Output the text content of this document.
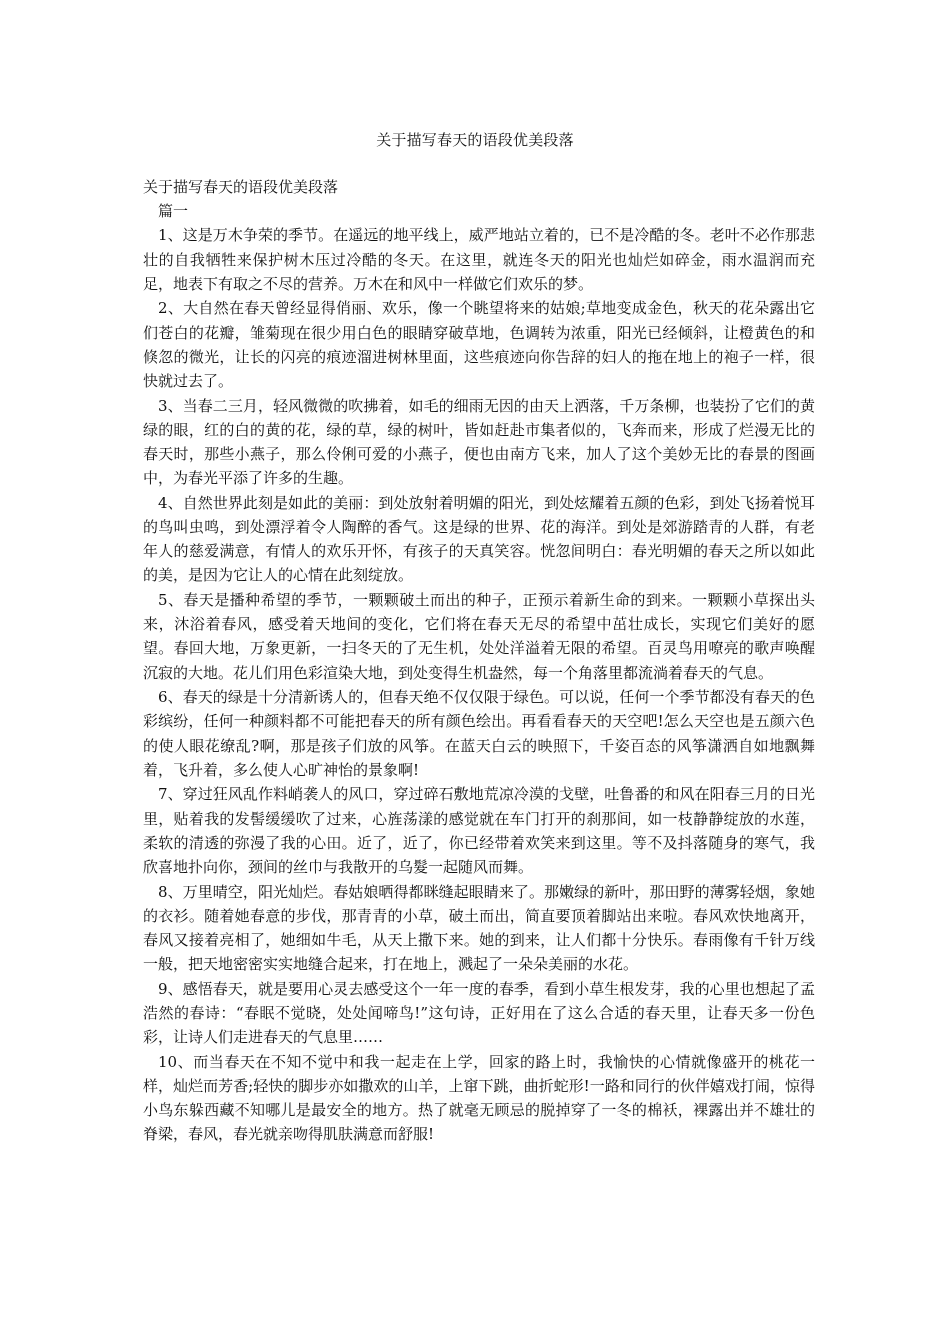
关于描写春天的语段优美段落

关于描写春天的语段优美段落

篇一

1、这是万木争荣的季节。在遥远的地平线上，威严地站立着的，已不是冷酷的冬。老叶不必作那悲壮的自我牺牲来保护树木压过冷酷的冬天。在这里，就连冬天的阳光也灿烂如碎金，雨水温润而充足，地表下有取之不尽的营养。万木在和风中一样做它们欢乐的梦。

2、大自然在春天曾经显得俏丽、欢乐，像一个眺望将来的姑娘;草地变成金色，秋天的花朵露出它们苍白的花瓣，雏菊现在很少用白色的眼睛穿破草地，色调转为浓重，阳光已经倾斜，让橙黄色的和倏忽的微光，让长的闪亮的痕迹溜进树林里面，这些痕迹向你告辞的妇人的拖在地上的袍子一样，很快就过去了。

3、当春二三月，轻风微微的吹拂着，如毛的细雨无因的由天上洒落，千万条柳，也装扮了它们的黄绿的眼，红的白的黄的花，绿的草，绿的树叶，皆如赶赴市集者似的，飞奔而来，形成了烂漫无比的春天时，那些小燕子，那么伶俐可爱的小燕子，便也由南方飞来，加人了这个美妙无比的春景的图画中，为春光平添了许多的生趣。

4、自然世界此刻是如此的美丽：到处放射着明媚的阳光，到处炫耀着五颜的色彩，到处飞扬着悦耳的鸟叫虫鸣，到处漂浮着令人陶醉的香气。这是绿的世界、花的海洋。到处是郊游踏青的人群，有老年人的慈爱满意，有情人的欢乐开怀，有孩子的天真笑容。恍忽间明白：春光明媚的春天之所以如此的美，是因为它让人的心情在此刻绽放。

5、春天是播种希望的季节，一颗颗破土而出的种子，正预示着新生命的到来。一颗颗小草探出头来，沐浴着春风，感受着天地间的变化，它们将在春天无尽的希望中茁壮成长，实现它们美好的愿望。春回大地，万象更新，一扫冬天的了无生机，处处洋溢着无限的希望。百灵鸟用嘹亮的歌声唤醒沉寂的大地。花儿们用色彩渲染大地，到处变得生机盎然，每一个角落里都流淌着春天的气息。

6、春天的绿是十分清新诱人的，但春天绝不仅仅限于绿色。可以说，任何一个季节都没有春天的色彩缤纷，任何一种颜料都不可能把春天的所有颜色绘出。再看看春天的天空吧!怎么天空也是五颜六色的使人眼花缭乱?啊，那是孩子们放的风筝。在蓝天白云的映照下，千姿百态的风筝潇洒自如地飘舞着，飞升着，多么使人心旷神怡的景象啊!

7、穿过狂风乱作料峭袭人的风口，穿过碎石敷地荒凉冷漠的戈壁，吐鲁番的和风在阳春三月的日光里，贴着我的发髻缓缓吹了过来，心旌荡漾的感觉就在车门打开的刹那间，如一枝静静绽放的水莲，柔软的清透的弥漫了我的心田。近了，近了，你已经带着欢笑来到这里。等不及抖落随身的寒气，我欣喜地扑向你，颈间的丝巾与我散开的乌髮一起随风而舞。

8、万里晴空，阳光灿烂。春姑娘晒得都眯缝起眼睛来了。那嫩绿的新叶，那田野的薄雾轻烟，象她的衣衫。随着她春意的步伐，那青青的小草，破土而出，简直要顶着脚站出来啦。春风欢快地离开，春风又接着亮相了，她细如牛毛，从天上撒下来。她的到来，让人们都十分快乐。春雨像有千针万线一般，把天地密密实实地缝合起来，打在地上，溅起了一朵朵美丽的水花。

9、感悟春天，就是要用心灵去感受这个一年一度的春季，看到小草生根发芽，我的心里也想起了孟浩然的春诗：“春眠不觉晓，处处闻啼鸟!”这句诗，正好用在了这么合适的春天里，让春天多一份色彩，让诗人们走进春天的气息里……

10、而当春天在不知不觉中和我一起走在上学，回家的路上时，我愉快的心情就像盛开的桃花一样，灿烂而芳香;轻快的脚步亦如撒欢的山羊，上窜下跳，曲折蛇形!一路和同行的伙伴嬉戏打闹，惊得小鸟东躲西藏不知哪儿是最安全的地方。热了就毫无顾忌的脱掉穿了一冬的棉袄，裸露出并不雄壮的脊梁，春风，春光就亲吻得肌肤满意而舒服!
